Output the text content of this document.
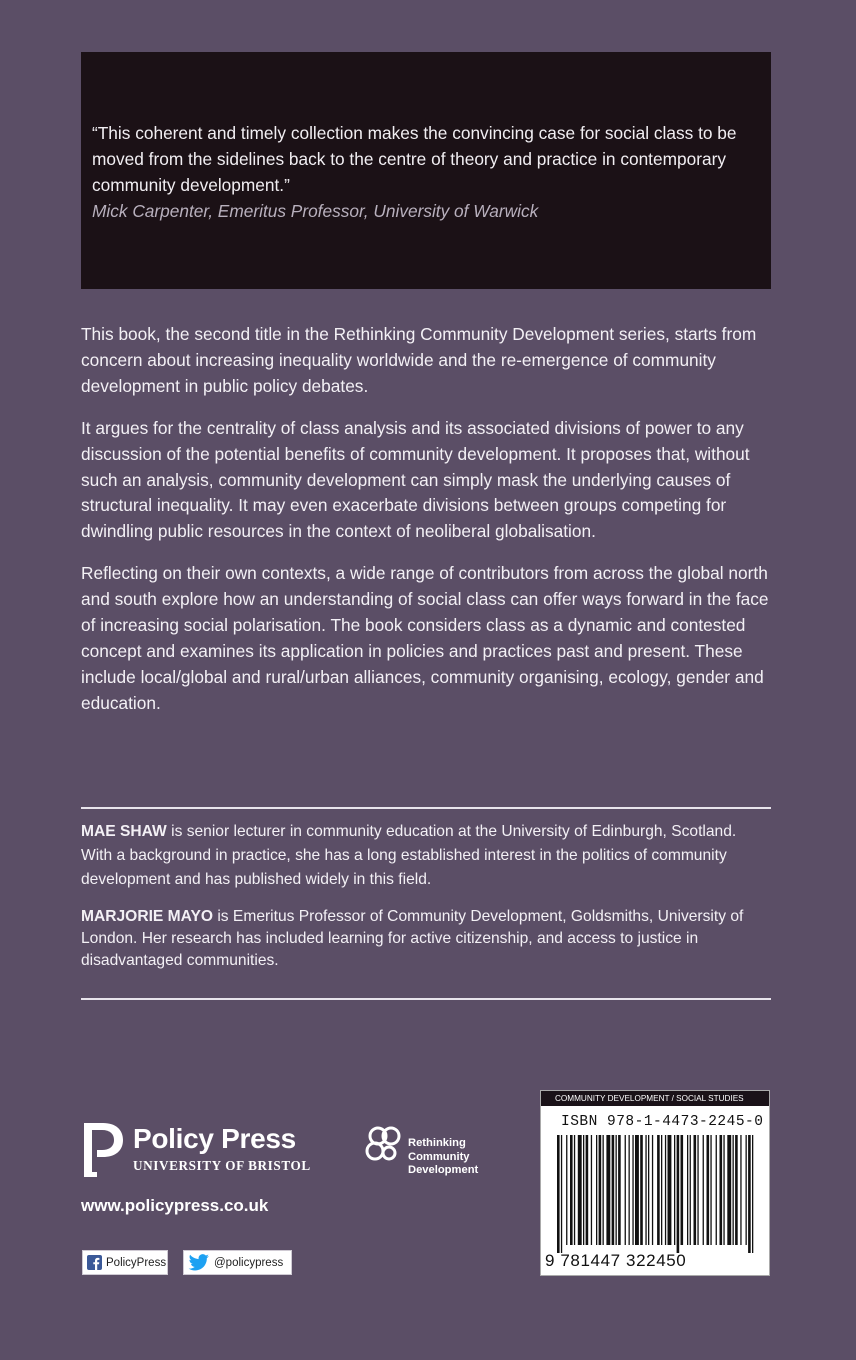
“This coherent and timely collection makes the convincing case for social class to be moved from the sidelines back to the centre of theory and practice in contemporary community development.”

Mick Carpenter, Emeritus Professor, University of Warwick

This book, the second title in the Rethinking Community Development series, starts from concern about increasing inequality worldwide and the re-emergence of community development in public policy debates.

It argues for the centrality of class analysis and its associated divisions of power to any discussion of the potential benefits of community development. It proposes that, without such an analysis, community development can simply mask the underlying causes of structural inequality. It may even exacerbate divisions between groups competing for dwindling public resources in the context of neoliberal globalisation.

Reflecting on their own contexts, a wide range of contributors from across the global north and south explore how an understanding of social class can offer ways forward in the face of increasing social polarisation. The book considers class as a dynamic and contested concept and examines its application in policies and practices past and present. These include local/global and rural/urban alliances, community organising, ecology, gender and education.

MAE SHAW is senior lecturer in community education at the University of Edinburgh, Scotland. With a background in practice, she has a long established interest in the politics of community development and has published widely in this field.

MARJORIE MAYO is Emeritus Professor of Community Development, Goldsmiths, University of London. Her research has included learning for active citizenship, and access to justice in disadvantaged communities.

Policy Press
UNIVERSITY OF BRISTOL
Rethinking
Community
Development
www.policypress.co.uk
PolicyPress	@policypress
COMMUNITY DEVELOPMENT / SOCIAL STUDIES
ISBN 978-1-4473-2245-0
9 781447 322450
